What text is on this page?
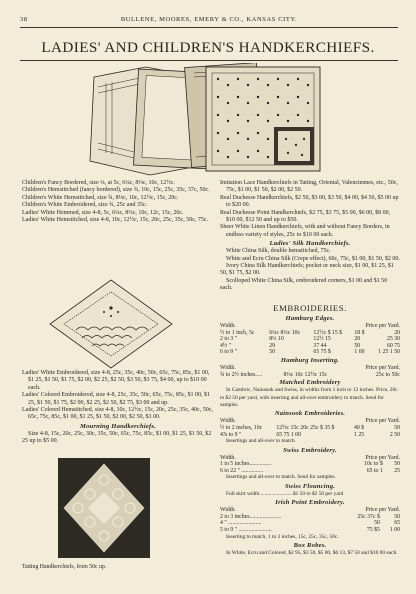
38	BULLENE, MOORES, EMERY & CO., KANSAS CITY.
LADIES' AND CHILDREN'S HANDKERCHIEFS.

Children's Fancy Bordered, size ¼, at 5c, 6¼c, 8⅓c, 10c, 12½c.

Children's Hemstitched (fancy bordered), size ¾, 10c, 15c, 25c, 35c, 37c, 50c.

Children's White Hemstitched, size ¾, 8⅓c, 10c, 12½c, 15c, 20c.

Children's White Embroidered, size ¾, 25c and 35c.

Ladies' White Hemmed, size 4-8, 5c, 6¼c, 8⅓c, 10c, 12c, 15c, 20c.

Ladies' White Hemstitched, size 4-8, 10c, 12½c, 15c, 20c, 25c, 35c, 50c, 75c.

Ladies' White Embroidered, size 4-8, 25c, 35c, 40c, 50c, 65c, 75c, 85c, $1 00, $1 25, $1 50, $1 75, $2 00, $2 25, $2 50, $3 50, $3 75, $4 00, up to $10 00 each.

Ladies' Colored Embroidered, size 4-8, 25c, 35c, 50c, 65c, 75c, 85c, $1 00, $1 25, $1 50, $1 75, $2 00, $2 25, $2 50, $2 75, $3 00 and up.

Ladies' Colored Hemstitched, size 4-8, 10c, 12½c, 15c, 20c, 25c, 35c, 40c, 50c, 65c, 75c, 85c, $1 00, $1 25, $1 50, $2 00, $2 50, $3 00.

Mourning Handkerchiefs.

Size 4-8, 15c, 20c, 25c, 30c, 35c, 50c, 65c, 75c, 85c, $1 00, $1 25, $1 50, $2 25 up to $5 00.

Tatting Handkerchiefs, from 50c up.

Imitation Lace Handkerchiefs in Tatting, Oriental, Valenciennes, etc., 50c, 75c, $1 00, $1 50, $2 00, $2 50.

Real Duchesse Handkerchiefs, $2 50, $3 00, $3 50, $4 00, $4 50, $5 00 up to $20 00.

Real Duchesse Point Handkerchiefs, $2 75, $3 75, $5 00, $6 00, $8 00, $10 00, $12 50 and up to $50.

Sheer White Linen Handkerchiefs, with and without Fancy Borders, in endless variety of styles, 25c to $10 00 each.

Ladies' Silk Handkerchiefs.

White China Silk, double hemstitched, 75c.

White and Ecru China Silk (Crepe effect), 60c, 75c, $1 00, $1 50, $2 00.

Ivory China Silk Handkerchiefs; pocket or neck size, $1 00, $1 25, $1 50, $1 75, $2 00.

Scolloped White China Silk, embroidered corners, $1 00 and $1 50 each.

EMBROIDERIES.
Hamburg Edges.
Width.		Price per Yard.		
½ to 1 inch, 5c	6¼c 8⅓c 10c	12½c $ 15 $	18 $	20
2 to 3 "	8⅓ 10	12½ 15	20	25 30
4½ "	29	37 44	50	60 75
6 to 9 "	50	65 75 $	1 00	1 25 1 50
Hamburg Inserting.
Width.		Price per Yard.
¾ to 2½ inches.....	8⅓c 10c 12½c 15c	25c to 50c
Matched Embroidery

In Cambric, Nainsook and Swiss, in widths from 1 inch to 12 inches. Price, 20c to $2 50 per yard, with inserting and all-over embroidery to match. Send for samples.

Nainsook Embroideries.
Width.		Price per Yard.	
½ to 2 inches, 10c	12½c 15c 20c 25c $ 35 $	40 $	50
4⅞ to 9 "	65 75 1 00	1 25	2 50

Insertings and all-over to match.

Swiss Embroidery.
Width.	Price per Yard.	
1 to 5 inches...............	10c to $	50
6 to 22 " ...............	65 to 1	25

Insertings and all-over to match. Send for samples.

Swiss Flouncing.

Full skirt width.........................$1 50 to $2 50 per yard

Irish Point Embroidery.
Width.	Price per Yard.	
2 to 3 inches......................	25c 37c $	50
4 " .......................	50	65
5 to 9 " .......................	75 $5	1 00

Inserting to match, 1 to 3 inches, 15c, 25c, 35c, 50c.

Box Robes.

In White, Ecru and Colored, $2 95, $3 50, $5 00, $6 13, $7 50 and $10 00 each.
